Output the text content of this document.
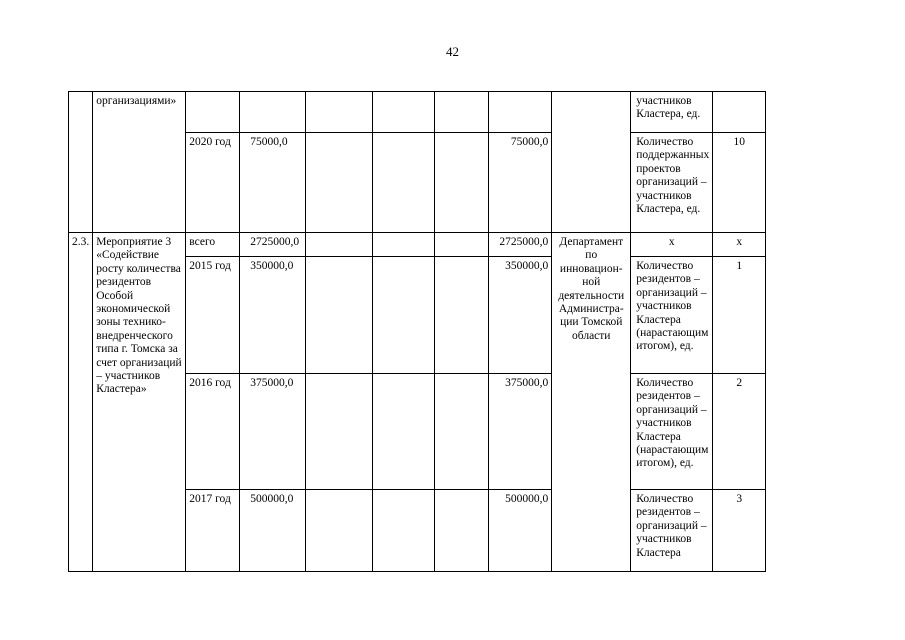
42
	организациями»								участников Кластера, ед.	
		2020 год	75000,0				75000,0		Количество поддержанных проектов организаций – участников Кластера, ед.	10
2.3.	Мероприятие 3 «Содействие росту количества резидентов Особой экономической зоны технико-внедренческого типа г. Томска за счет организаций – участников Кластера»	всего	2725000,0				2725000,0	Департамент по инновацион-ной деятельности Администра-ции Томской области	x	x
		2015 год	350000,0				350000,0		Количество резидентов – организаций – участников Кластера (нарастающим итогом), ед.	1
		2016 год	375000,0				375000,0		Количество резидентов – организаций – участников Кластера (нарастающим итогом), ед.	2
		2017 год	500000,0				500000,0		Количество резидентов – организаций – участников Кластера	3
